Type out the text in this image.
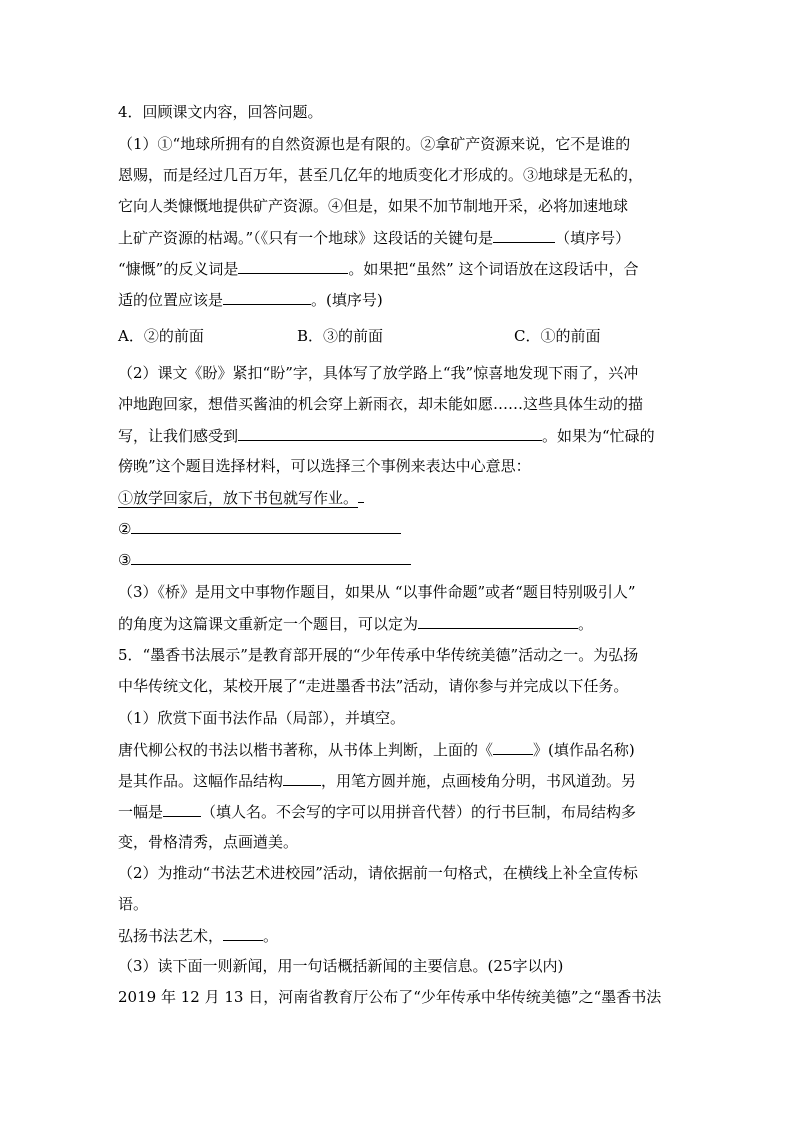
4．回顾课文内容，回答问题。
（1）①“地球所拥有的自然资源也是有限的。②拿矿产资源来说，它不是谁的
恩赐，而是经过几百万年，甚至几亿年的地质变化才形成的。③地球是无私的，
它向人类慷慨地提供矿产资源。④但是，如果不加节制地开采，必将加速地球
上矿产资源的枯竭。”（《只有一个地球》这段话的关键句是	（填序号）
“慷慨”的反义词是	。如果把“虽然” 这个词语放在这段话中，合
适的位置应该是	。(填序号)
A．②的前面	B．③的前面	C．①的前面
（2）课文《盼》紧扣“盼”字，具体写了放学路上“我”惊喜地发现下雨了，兴冲
冲地跑回家，想借买酱油的机会穿上新雨衣，却未能如愿……这些具体生动的描
写，让我们感受到	。如果为“忙碌的
傍晚”这个题目选择材料，可以选择三个事例来表达中心意思：
①放学回家后，放下书包就写作业。
②
③
（3）《桥》是用文中事物作题目，如果从 “以事件命题”或者“题目特别吸引人”
的角度为这篇课文重新定一个题目，可以定为	。
5．“墨香书法展示”是教育部开展的“少年传承中华传统美德”活动之一。为弘扬
中华传统文化，某校开展了“走进墨香书法”活动，请你参与并完成以下任务。
（1）欣赏下面书法作品（局部），并填空。
唐代柳公权的书法以楷书著称，从书体上判断，上面的《	》(填作品名称)
是其作品。这幅作品结构	，用笔方圆并施，点画棱角分明，书风道劲。另
一幅是	（填人名。不会写的字可以用拼音代替）的行书巨制，布局结构多
变，骨格清秀，点画遒美。
（2）为推动“书法艺术进校园”活动，请依据前一句格式，在横线上补全宣传标
语。
弘扬书法艺术，	。
（3）读下面一则新闻，用一句话概括新闻的主要信息。(25字以内)
2019 年 12 月 13 日，河南省教育厅公布了“少年传承中华传统美德”之“墨香书法
